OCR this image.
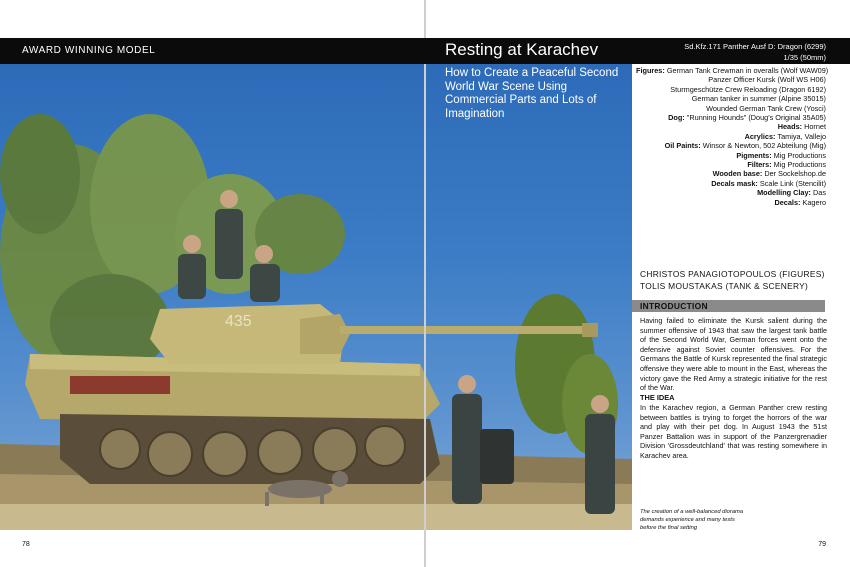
AWARD WINNING MODEL	Resting at Karachev	Sd.Kfz.171 Panther Ausf D: Dragon (6299)
1/35 (50mm)
435
How to Create a Peaceful Second World War Scene Using Commercial Parts and Lots of Imagination
Figures: German Tank Crewman in overalls (Wolf WAW09)
Panzer Officer Kursk (Wolf WS H06)
Sturmgeschütze Crew Reloading (Dragon 6192)
German tanker in summer (Alpine 35015)
Wounded German Tank Crew (Yosci)
Dog: "Running Hounds" (Doug's Original 35A05)
Heads: Hornet
Acrylics: Tamiya, Vallejo
Oil Paints: Winsor & Newton, 502 Abteilung (Mig)
Pigments: Mig Productions
Filters: Mig Productions
Wooden base: Der Sockelshop.de
Decals mask: Scale Link (Stencilit)
Modelling Clay: Das
Decals: Kagero
CHRISTOS PANAGIOTOPOULOS (FIGURES)
TOLIS MOUSTAKAS (TANK & SCENERY)
INTRODUCTION
Having failed to eliminate the Kursk salient during the summer offensive of 1943 that saw the largest tank battle of the Second World War, German forces went onto the defensive against Soviet counter offensives. For the Germans the Battle of Kursk represented the final strategic offensive they were able to mount in the East, whereas the victory gave the Red Army a strategic initiative for the rest of the War.
THE IDEA
In the Karachev region, a German Panther crew resting between battles is trying to forget the horrors of the war and play with their pet dog. In August 1943 the 51st Panzer Battalion was in support of the Panzergrenadier Division 'Grossdeutchland' that was resting somewhere in Karachev area.
The creation of a well-balanced diorama demands experience and many tests before the final setting
78	79
